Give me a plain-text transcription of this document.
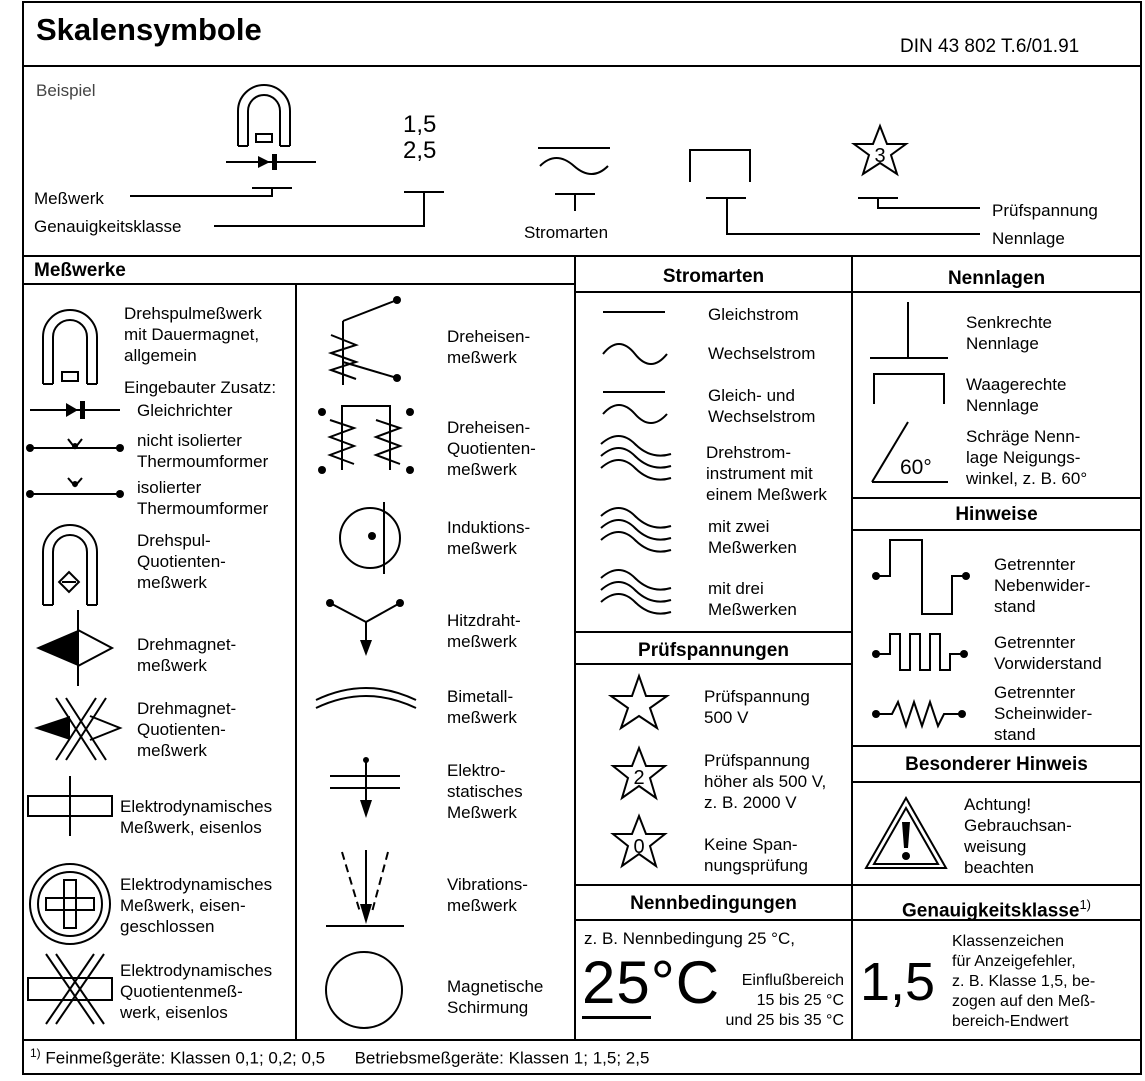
Skalensymbole	DIN 43 802 T.6/01.91
Beispiel
Meßwerk
Genauigkeitsklasse
1,5
2,5
Stromarten
Prüfspannung
Nennlage
3
Meßwerke
Drehspulmeßwerk
mit Dauermagnet,
allgemein
Eingebauter Zusatz:
Gleichrichter
nicht isolierter
Thermoumformer
isolierter
Thermoumformer
Drehspul-
Quotienten-
meßwerk
Drehmagnet-
meßwerk
Drehmagnet-
Quotienten-
meßwerk
Elektrodynamisches
Meßwerk, eisenlos
Elektrodynamisches
Meßwerk, eisen-
geschlossen
Elektrodynamisches
Quotientenmeß-
werk, eisenlos
Dreheisen-
meßwerk
Dreheisen-
Quotienten-
meßwerk
Induktions-
meßwerk
Hitzdraht-
meßwerk
Bimetall-
meßwerk
Elektro-
statisches
Meßwerk
Vibrations-
meßwerk
Magnetische
Schirmung
Stromarten
Gleichstrom
Wechselstrom
Gleich- und
Wechselstrom
Drehstrom-
instrument mit
einem Meßwerk
mit zwei
Meßwerken
mit drei
Meßwerken
Nennlagen
Senkrechte
Nennlage
Waagerechte
Nennlage
Schräge Nenn-
lage Neigungs-
winkel, z. B. 60°
60°
Hinweise
Getrennter
Nebenwider-
stand
Getrennter
Vorwiderstand
Getrennter
Scheinwider-
stand
Prüfspannungen
Prüfspannung
500 V
Prüfspannung
höher als 500 V,
z. B. 2000 V
Keine Span-
nungsprüfung
2
0
Besonderer Hinweis
Achtung!
Gebrauchsan-
weisung
beachten
Nennbedingungen
z. B. Nennbedingung 25 °C,
25°C	Einflußbereich
15 bis 25 °C
und 25 bis 35 °C
Genauigkeitsklasse$^{1)}$
1,5
Klassenzeichen
für Anzeigefehler,
z. B. Klasse 1,5, be-
zogen auf den Meß-
bereich-Endwert
$^{1)}$ Feinmeßgeräte: Klassen 0,1; 0,2; 0,5 Betriebsmeßgeräte: Klassen 1; 1,5; 2,5
